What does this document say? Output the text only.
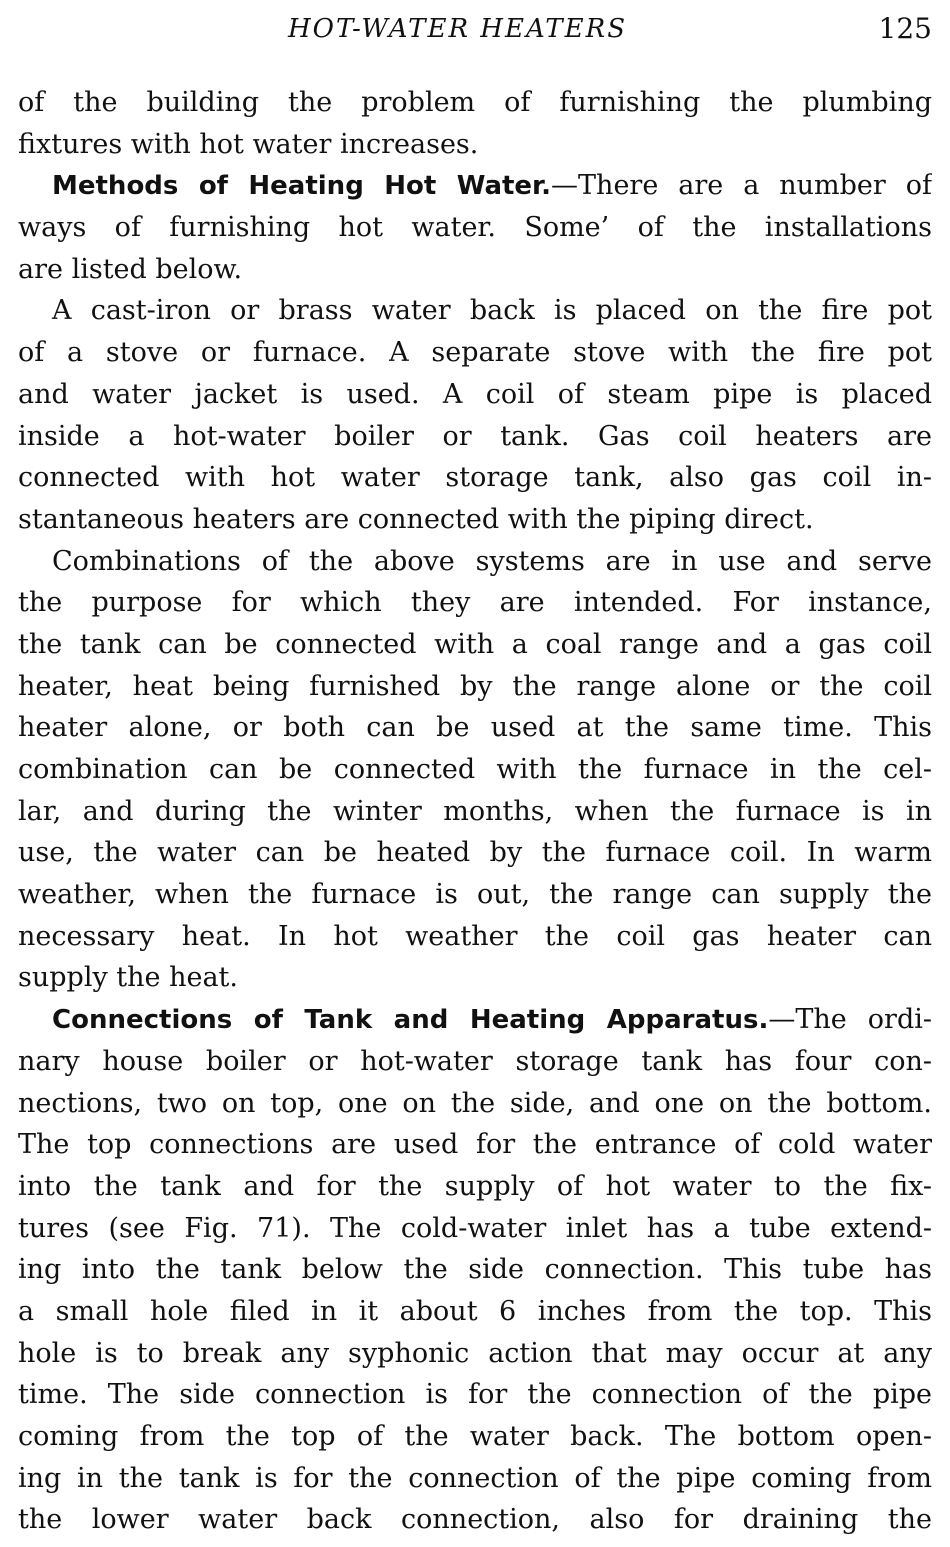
HOT-WATER HEATERS	125
of the building the problem of furnishing the plumbing
fixtures with hot water increases.
Methods of Heating Hot Water.—There are a number of
ways of furnishing hot water. Some’ of the installations
are listed below.
A cast-iron or brass water back is placed on the fire pot
of a stove or furnace. A separate stove with the fire pot
and water jacket is used. A coil of steam pipe is placed
inside a hot-water boiler or tank. Gas coil heaters are
connected with hot water storage tank, also gas coil in-
stantaneous heaters are connected with the piping direct.
Combinations of the above systems are in use and serve
the purpose for which they are intended. For instance,
the tank can be connected with a coal range and a gas coil
heater, heat being furnished by the range alone or the coil
heater alone, or both can be used at the same time. This
combination can be connected with the furnace in the cel-
lar, and during the winter months, when the furnace is in
use, the water can be heated by the furnace coil. In warm
weather, when the furnace is out, the range can supply the
necessary heat. In hot weather the coil gas heater can
supply the heat.
Connections of Tank and Heating Apparatus.—The ordi-
nary house boiler or hot-water storage tank has four con-
nections, two on top, one on the side, and one on the bottom.
The top connections are used for the entrance of cold water
into the tank and for the supply of hot water to the fix-
tures (see Fig. 71). The cold-water inlet has a tube extend-
ing into the tank below the side connection. This tube has
a small hole filed in it about 6 inches from the top. This
hole is to break any syphonic action that may occur at any
time. The side connection is for the connection of the pipe
coming from the top of the water back. The bottom open-
ing in the tank is for the connection of the pipe coming from
the lower water back connection, also for draining the
